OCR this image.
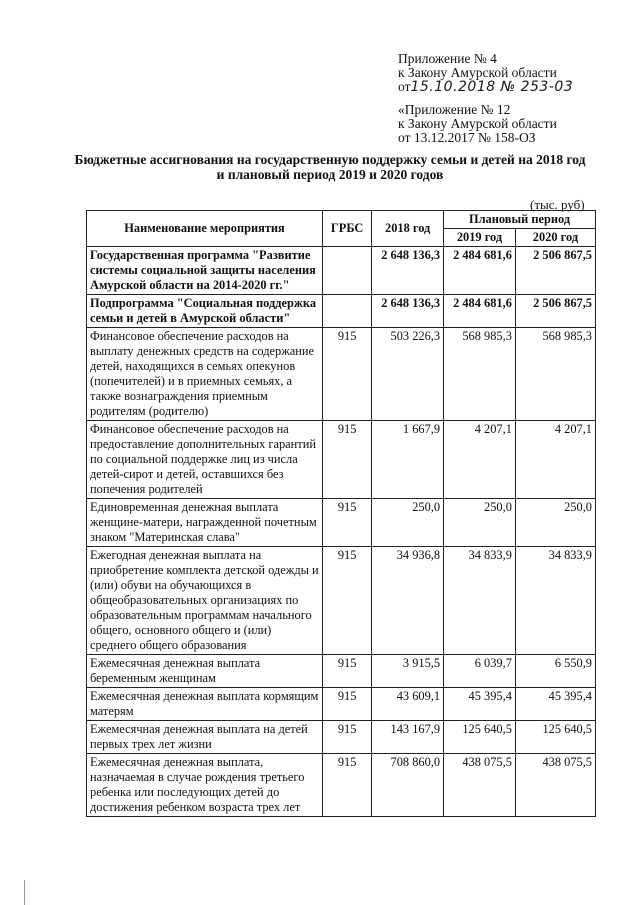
Приложение № 4
к Закону Амурской области
от15.10.2018 № 253-03
«Приложение № 12
к Закону Амурской области
от 13.12.2017 № 158-ОЗ
Бюджетные ассигнования на государственную поддержку семьи и детей на 2018 год и плановый период 2019 и 2020 годов
(тыс. руб)
Наименование мероприятия	ГРБС	2018 год	Плановый период	
			2019 год	2020 год
Государственная программа "Развитие системы социальной защиты населения Амурской области на 2014-2020 гг."		2 648 136,3	2 484 681,6	2 506 867,5
Подпрограмма "Социальная поддержка семьи и детей в Амурской области"		2 648 136,3	2 484 681,6	2 506 867,5
Финансовое обеспечение расходов на выплату денежных средств на содержание детей, находящихся в семьях опекунов (попечителей) и в приемных семьях, а также вознаграждения приемным родителям (родителю)	915	503 226,3	568 985,3	568 985,3
Финансовое обеспечение расходов на предоставление дополнительных гарантий по социальной поддержке лиц из числа детей-сирот и детей, оставшихся без попечения родителей	915	1 667,9	4 207,1	4 207,1
Единовременная денежная выплата женщине-матери, награжденной почетным знаком "Материнская слава"	915	250,0	250,0	250,0
Ежегодная денежная выплата на приобретение комплекта детской одежды и (или) обуви на обучающихся в общеобразовательных организациях по образовательным программам начального общего, основного общего и (или) среднего общего образования	915	34 936,8	34 833,9	34 833,9
Ежемесячная денежная выплата беременным женщинам	915	3 915,5	6 039,7	6 550,9
Ежемесячная денежная выплата кормящим матерям	915	43 609,1	45 395,4	45 395,4
Ежемесячная денежная выплата на детей первых трех лет жизни	915	143 167,9	125 640,5	125 640,5
Ежемесячная денежная выплата, назначаемая в случае рождения третьего ребенка или последующих детей до достижения ребенком возраста трех лет	915	708 860,0	438 075,5	438 075,5
